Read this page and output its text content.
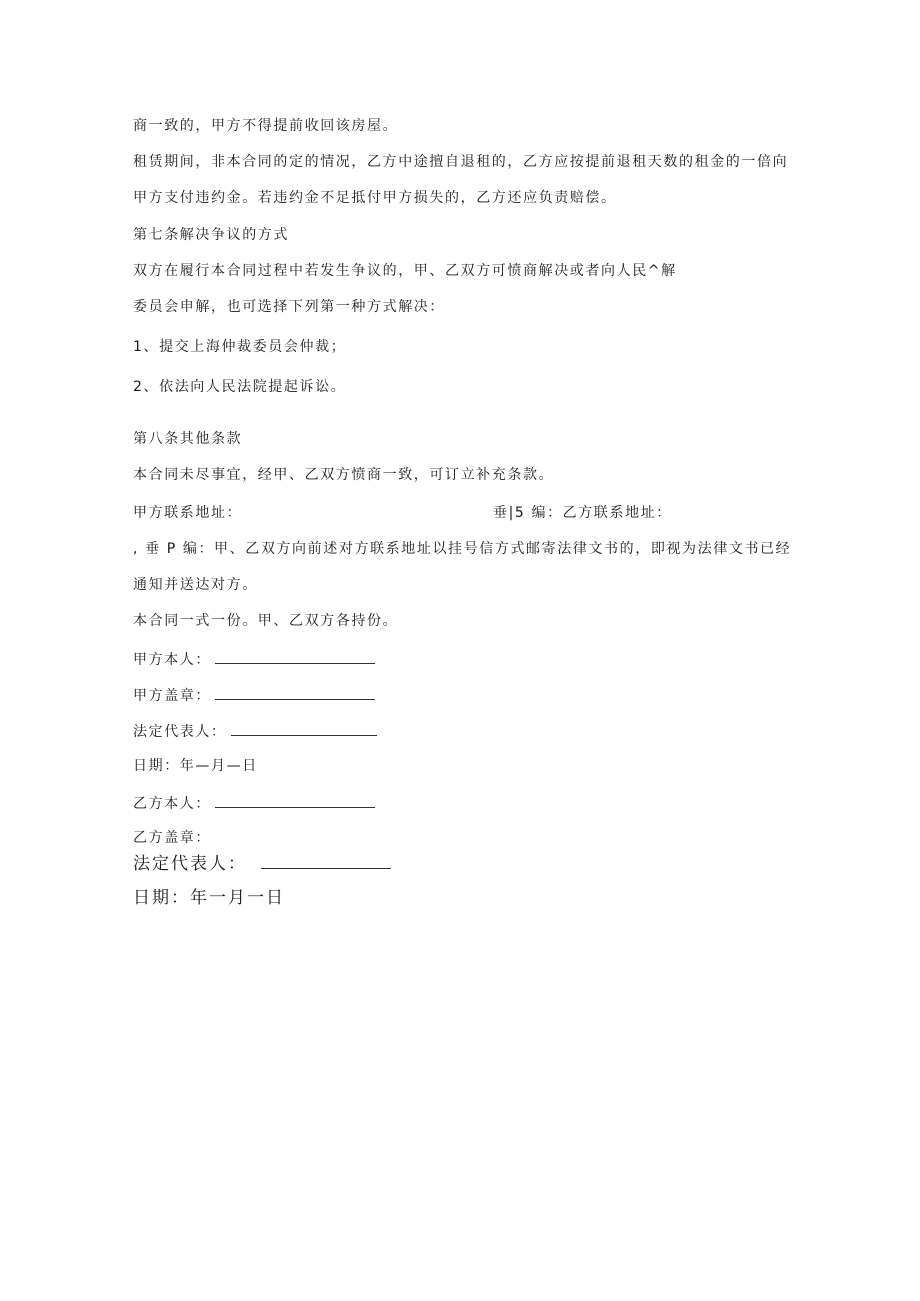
商一致的，甲方不得提前收回该房屋。
租赁期间，非本合同的定的情况，乙方中途擅自退租的，乙方应按提前退租天数的租金的一倍向
甲方支付违约金。若违约金不足抵付甲方损失的，乙方还应负责赔偿。
第七条解决争议的方式
双方在履行本合同过程中若发生争议的，甲、乙双方可愤商解决或者向人民^解
委员会申解，也可选择下列第一种方式解决：
1、提交上海仲裁委员会仲裁；
2、依法向人民法院提起诉讼。
第八条其他条款
本合同未尽事宜，经甲、乙双方愤商一致，可订立补充条款。
甲方联系地址：	垂|5 编：乙方联系地址：
, 垂 P 编：甲、乙双方向前述对方联系地址以挂号信方式邮寄法律文书的，即视为法律文书已经
通知并送达对方。
本合同一式一份。甲、乙双方各持份。
甲方本人：
甲方盖章：
法定代表人：
日期：年—月—日
乙方本人：
乙方盖章：
法定代表人：
日期：年一月一日
